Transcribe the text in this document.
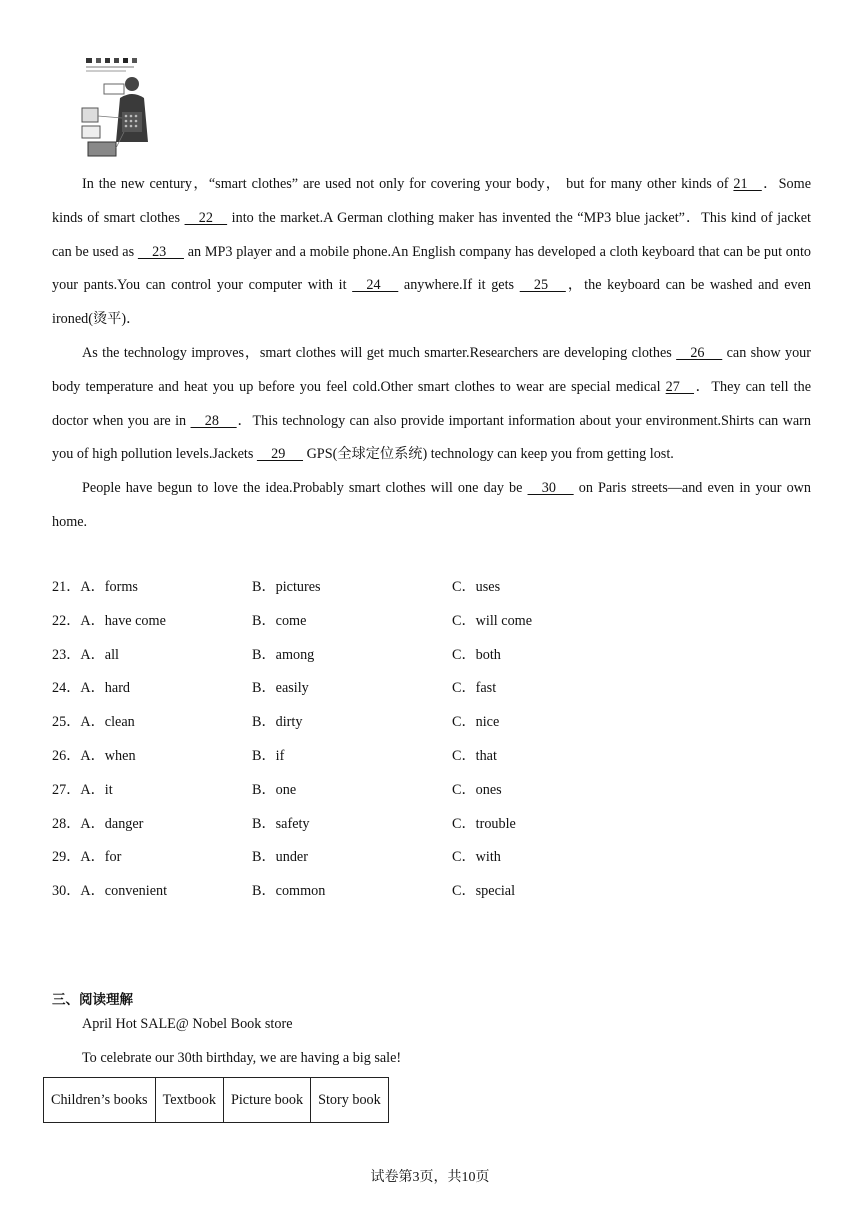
In the new century，“smart clothes” are used not only for covering your body， but for many other kinds of 21    ．Some kinds of smart clothes     22     into the market.A German clothing maker has invented the “MP3 blue jacket”．This kind of jacket can be used as     23      an MP3 player and a mobile phone.An English company has developed a cloth keyboard that can be put onto your pants.You can control your computer with it     24      anywhere.If it gets     25     ，the keyboard can be washed and even ironed(烫平)．

As the technology improves，smart clothes will get much smarter.Researchers are developing clothes     26      can show your body temperature and heat you up before you feel cold.Other smart clothes to wear are special medical 27    ．They can tell the doctor when you are in     28     ．This technology can also provide important information about your environment.Shirts can warn you of high pollution levels.Jackets     29      GPS(全球定位系统) technology can keep you from getting lost.

People have begun to love the idea.Probably smart clothes will one day be     30      on Paris streets—and even in your own home.

21．A．forms	B．pictures	C．uses
22．A．have come	B．come	C．will come
23．A．all	B．among	C．both
24．A．hard	B．easily	C．fast
25．A．clean	B．dirty	C．nice
26．A．when	B．if	C．that
27．A．it	B．one	C．ones
28．A．danger	B．safety	C．trouble
29．A．for	B．under	C．with
30．A．convenient	B．common	C．special
三、阅读理解
April Hot SALE@ Nobel Book store
To celebrate our 30th birthday, we are having a big sale!
Children’s books	Textbook	Picture book	Story book
试卷第3页，共10页
